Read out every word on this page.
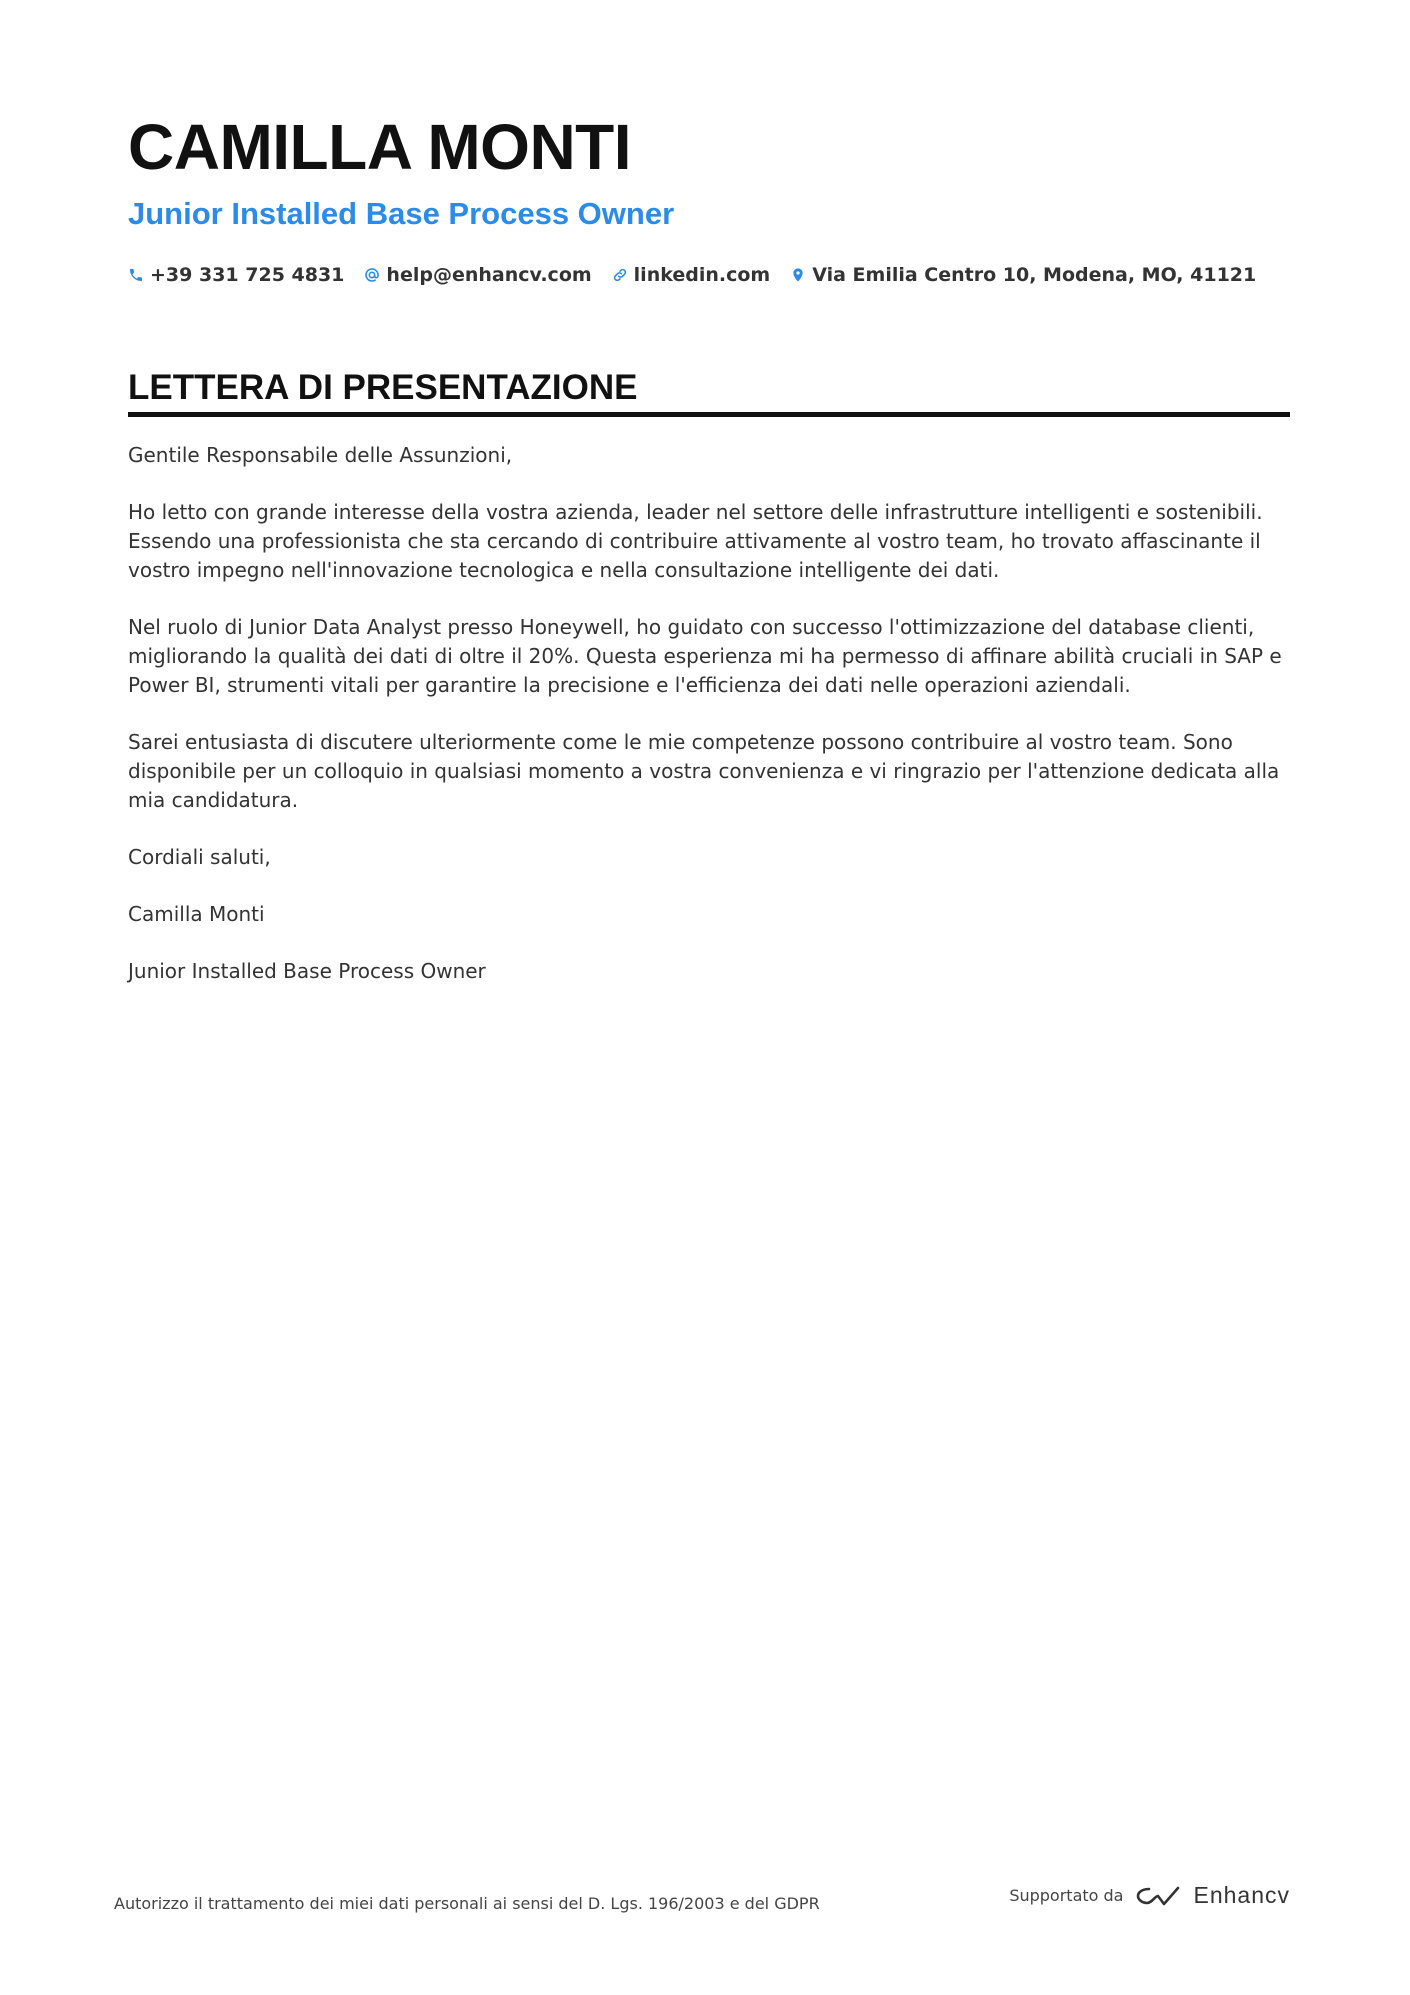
CAMILLA MONTI
Junior Installed Base Process Owner
+39 331 725 4831 help@enhancv.com linkedin.com Via Emilia Centro 10, Modena, MO, 41121
LETTERA DI PRESENTAZIONE

Gentile Responsabile delle Assunzioni,

Ho letto con grande interesse della vostra azienda, leader nel settore delle infrastrutture intelligenti e sostenibili. Essendo una professionista che sta cercando di contribuire attivamente al vostro team, ho trovato affascinante il vostro impegno nell'innovazione tecnologica e nella consultazione intelligente dei dati.

Nel ruolo di Junior Data Analyst presso Honeywell, ho guidato con successo l'ottimizzazione del database clienti, migliorando la qualità dei dati di oltre il 20%. Questa esperienza mi ha permesso di affinare abilità cruciali in SAP e Power BI, strumenti vitali per garantire la precisione e l'efficienza dei dati nelle operazioni aziendali.

Sarei entusiasta di discutere ulteriormente come le mie competenze possono contribuire al vostro team. Sono disponibile per un colloquio in qualsiasi momento a vostra convenienza e vi ringrazio per l'attenzione dedicata alla mia candidatura.

Cordiali saluti,

Camilla Monti

Junior Installed Base Process Owner

Autorizzo il trattamento dei miei dati personali ai sensi del D. Lgs. 196/2003 e del GDPR	Supportato da	Enhancv
